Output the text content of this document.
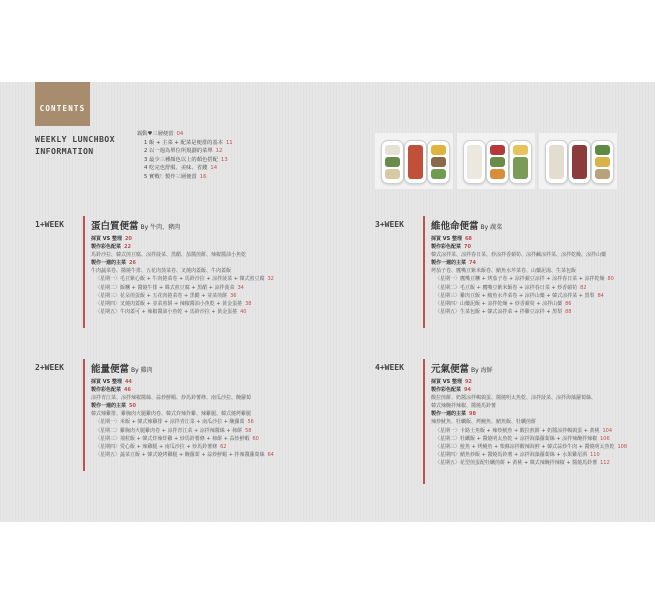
CONTENTS
WEEKLY LUNCHBOX
INFORMATION
霸動♥三層便當 04
1 飯 + 主菜 + 配菜是便當的基本 11
2 以一週為單位所規劃的菜單 12
3 最少三種顏色以上的顏色搭配 13
4 吃完也舒服、美味、省錢 14
5 實戰！製作三層便當 16
1+WEEK	蛋白質便當 By 牛肉、豬肉
採買 VS 整理 20
製作彩色配菜 22
馬鈴沙拉、韓式煎豆腐、涼拌菠菜、黑醋、茄醬煎餅、辣椒醬油小魚乾
製作一週的主菜 26
牛肉蔬菜卷、醬燒牛排、五花肉蒸菜卷、叉燒肉蓋飯、牛肉蓋飯
〈星期一〉毛豆紫心飯 + 牛肉捲菜卷 + 馬鈴沙拉 + 涼拌菠菜 + 韓式煎豆腐 32
〈星期二〉飯糰 + 醬燒牛排 + 韓式煎豆腐 + 黑醋 + 涼拌菠菜 34
〈星期三〉花朵煎蛋飯 + 五花肉捲菜卷 + 黑醋 + 並菜煎餅 36
〈星期四〉叉燒肉蓋飯 + 並菜煎餅 + 辣椒醬油小魚乾 + 黃金蛋捲 38
〈星期五〉牛肉蓋可 + 辣椒醬油小魚乾 + 馬鈴沙拉 + 黃金蛋捲 40
2+WEEK	能量便當 By 雞肉
採買 VS 整理 44
製作彩色配菜 46
涼拌青江菜、涼拌辣椒醬絲、蒜炒鮮蝦、炒馬鈴薯條、南瓜沙拉、醃蘿蔔
製作一週的主菜 50
韓式辣雞排、雞胸肉火腿雞肉卷、韓式炸辣炸雞、辣雞腿、韓式燒烤雞腿
〈星期一〉米飯 + 韓式辣雞排 + 涼拌青江菜 + 南瓜沙拉 + 醃蘿蔔 56
〈星期二〉雞胸肉火腿雞肉卷 + 涼拌青江菜 + 涼拌辣醬絲 + 柿餅 58
〈星期三〉飛粒飯 + 韓式炸辣炸雞 + 炒馬鈴薯條 + 柿餅 + 蒜炒鮮蝦 60
〈星期四〉愛心飯 + 辣雞腿 + 南瓜沙拉 + 炒馬鈴薯條 62
〈星期五〉蔬菜豆飯 + 韓式燒烤雞腿 + 醃蘿蔔 + 蒜炒鮮蝦 + 拌辣醬蘿蔔絲 64
3+WEEK	維他命便當 By 蔬菜
採買 VS 整理 68
製作彩色配菜 70
韓式涼拌菜、涼拌春日菜、炒涼拌香蘋筍、涼拌鹹涼拌菜、涼拌乾燥、涼拌山藥
製作一週的主菜 74
烤茄子卷、鷹嘴豆紫米飯卷、鯖魚水芹菜卷、山藥泥湯、生菜包飯
〈星期一〉鷹嘴豆糰 + 烤茄子卷 + 涼拌蘋豆涼拌 + 涼拌春日菜 + 涼拌乾燥 80
〈星期二〉毛豆飯 + 鷹嘴豆紫米飯卷 + 涼拌春日菜 + 炒香蘋筍 82
〈星期三〉雞肉豆飯 + 鯖魚水芹菜卷 + 涼拌山藥 + 韓式涼拌菜 + 黑梨 84
〈星期四〉山藥泥飯 + 涼拌乾燥 + 炒香蘋筍 + 涼拌山藥 86
〈星期五〉生菜包飯 + 韓式涼拌菜 + 拌雞豆涼拌 + 黑梨 88
4+WEEK	元氣便當 By 海鮮
採買 VS 整理 92
製作彩色配菜 94
酸拉煎餅、奶醬涼拌鵪鶉蛋、醬燒明太魚乾、涼拌菠菜、涼拌海藻蘿蔔絲、
韓式辣醃拌辣椒、醬燒馬鈴薯
製作一週的主菜 98
辣炒魷魚、牡蠣飯、烤鰻魚、鯖魚飯、牡蠣煎餅
〈星期一〉卡路士魚飯 + 辣炒魷魚 + 酸拉煎餅 + 奶醬涼拌鵪鶉蛋 + 黃桃 104
〈星期二〉牡蠣飯 + 醬燒明太魚乾 + 涼拌海藻蘿蔔絲 + 涼拌辣醃拌辣椒 106
〈星期三〉鮭魚 + 烤鰻魚 + 柴蘇涼拌酸辣海鮮 + 韓式蒜炒牛肉 + 醬燒明太魚乾 108
〈星期四〉鯖魚炒飯 + 醬燒馬鈴薯 + 涼拌海藻蘿蔔絲 + 水果雞尾酒 110
〈星期五〉花型煎蛋配牡蠣煎餅 + 黃桃 + 韓式辣醃拌辣椒 + 醬燒馬鈴薯 112
